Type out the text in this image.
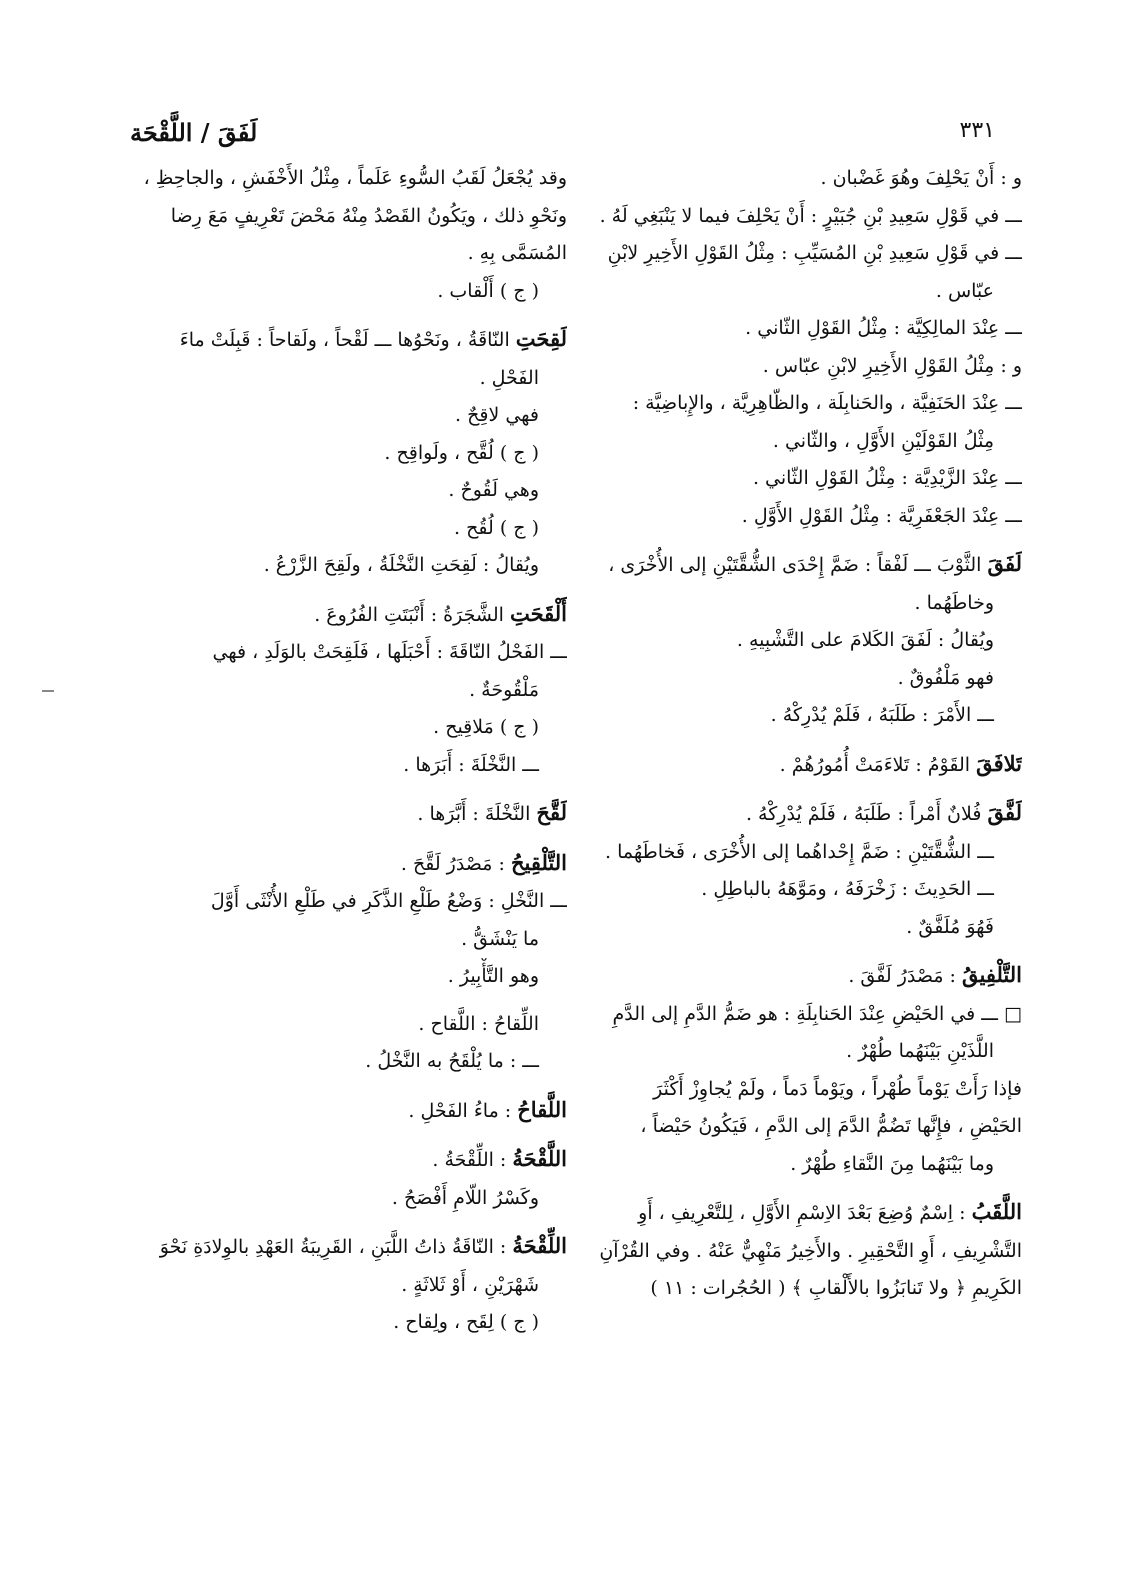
٣٣١
لَفَقَ / اللَّقْحَة
و : أَنْ يَحْلِفَ وهُوَ غَضْبان .
ـــ في قَوْلِ سَعِيدِ بْنِ جُبَيْرٍ : أَنْ يَحْلِفَ فيما لا يَنْبَغِي لَهُ .
ـــ في قَوْلِ سَعِيدِ بْنِ المُسَيِّبِ : مِثْلُ القَوْلِ الأَخِيرِ لابْنِ
عبّاس .
ـــ عِنْدَ المالِكِيَّة : مِثْلُ القَوْلِ الثّاني .
و : مِثْلُ القَوْلِ الأَخِيرِ لابْنِ عبّاس .
ـــ عِنْدَ الحَنَفِيَّة ، والحَنابِلَة ، والظّاهِرِيَّة ، والإِباضِيَّة :
مِثْلُ القَوْلَيْنِ الأَوَّلِ ، والثّاني .
ـــ عِنْدَ الزَّيْدِيَّة : مِثْلُ القَوْلِ الثّاني .
ـــ عِنْدَ الجَعْفَرِيَّة : مِثْلُ القَوْلِ الأَوَّلِ .
لَفَقَ الثَّوْبَ ـــ لَفْقاً : ضَمَّ إِحْدَى الشُّقَّتَيْنِ إلى الأُخْرَى ،
وخاطَهُما .
ويُقالُ : لَفَقَ الكَلامَ على التَّشْبِيهِ .
فهو مَلْفُوقٌ .
ـــ الأَمْرَ : طَلَبَهُ ، فَلَمْ يُدْرِكْهُ .
تَلافَقَ القَوْمُ : تَلاءَمَتْ أُمُورُهُمْ .
لَفَّقَ فُلانٌ أَمْراً : طَلَبَهُ ، فَلَمْ يُدْرِكْهُ .
ـــ الشُّقَّتَيْنِ : ضَمَّ إِحْداهُما إلى الأُخْرَى ، فَخاطَهُما .
ـــ الحَدِيثَ : زَخْرَفَهُ ، ومَوَّهَهُ بالباطِلِ .
فَهُوَ مُلَفَّقٌ .
التَّلْفِيقُ : مَصْدَرُ لَفَّقَ .
□ ـــ في الحَيْضِ عِنْدَ الحَنابِلَةِ : هو ضَمُّ الدَّمِ إلى الدَّمِ
اللَّذَيْنِ بَيْنَهُما طُهْرٌ .
فإذا رَأَتْ يَوْماً طُهْراً ، ويَوْماً دَماً ، ولَمْ يُجاوِزْ أَكْثَرَ
الحَيْضِ ، فإِنَّها تَضُمُّ الدَّمَ إلى الدَّمِ ، فَيَكُونُ حَيْضاً ،
وما بَيْنَهُما مِنَ النَّقاءِ طُهْرٌ .
اللَّقَبُ : اِسْمٌ وُضِعَ بَعْدَ الاِسْمِ الأَوَّلِ ، لِلتَّعْرِيفِ ، أَوِ
التَّشْرِيفِ ، أَوِ التَّحْقِيرِ . والأَخِيرُ مَنْهِيٌّ عَنْهُ . وفي القُرْآنِ
الكَرِيمِ ﴿ ولا تَنابَزُوا بالأَلْقابِ ﴾ ( الحُجُرات : ١١ )
وقد يُجْعَلُ لَقَبُ السُّوءِ عَلَماً ، مِثْلُ الأَخْفَشِ ، والجاحِظِ ،
ونَحْوِ ذلك ، ويَكُونُ القَصْدُ مِنْهُ مَحْضَ تَعْرِيفٍ مَعَ رِضا
المُسَمَّى بِهِ .
( ج ) أَلْقاب .
لَقِحَتِ النّاقَةُ ، ونَحْوُها ـــ لَقْحاً ، ولَقاحاً : قَبِلَتْ ماءَ
الفَحْلِ .
فهي لاقِحٌ .
( ج ) لُقَّح ، ولَواقِح .
وهي لَقُوحٌ .
( ج ) لُقُح .
ويُقالُ : لَقِحَتِ النَّخْلَةُ ، ولَقِحَ الزَّرْعُ .
أَلْقَحَتِ الشَّجَرَةُ : أَنْبَتَتِ الفُرُوعَ .
ـــ الفَحْلُ النّاقَةَ : أَحْبَلَها ، فَلَقِحَتْ بالوَلَدِ ، فهي
مَلْقُوحَةٌ .
( ج ) مَلاقِيح .
ـــ النَّخْلَةَ : أَبَرَها .
لَقَّحَ النَّخْلَةَ : أَبَّرَها .
التَّلْقِيحُ : مَصْدَرُ لَقَّحَ .
ـــ النَّخْلِ : وَضْعُ طَلْعِ الذَّكَرِ في طَلْعِ الأُنْثَى أَوَّلَ
ما يَنْشَقُّ .
وهو التَّأْبِيرُ .
اللِّقاحُ : اللَّقاح .
ـــ : ما يُلْقَحُ به النَّخْلُ .
اللَّقاحُ : ماءُ الفَحْلِ .
اللَّقْحَةُ : اللِّقْحَةُ .
وكَسْرُ اللّامِ أَفْصَحُ .
اللِّقْحَةُ : النّاقَةُ ذاتُ اللَّبَنِ ، القَرِيبَةُ العَهْدِ بالوِلادَةِ نَحْوَ
شَهْرَيْنِ ، أَوْ ثَلاثَةٍ .
( ج ) لِقَح ، ولِقاح .
